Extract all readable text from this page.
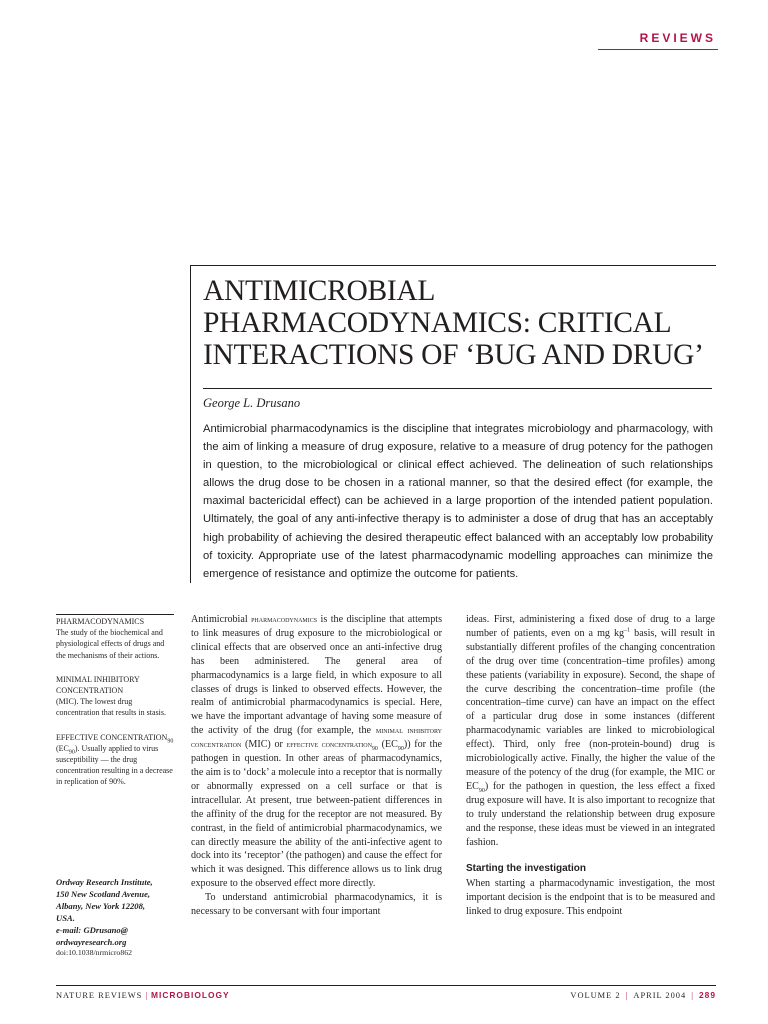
REVIEWS
ANTIMICROBIAL
PHARMACODYNAMICS: CRITICAL
INTERACTIONS OF ‘BUG AND DRUG’
George L. Drusano

Antimicrobial pharmacodynamics is the discipline that integrates microbiology and pharmacology, with the aim of linking a measure of drug exposure, relative to a measure of drug potency for the pathogen in question, to the microbiological or clinical effect achieved. The delineation of such relationships allows the drug dose to be chosen in a rational manner, so that the desired effect (for example, the maximal bactericidal effect) can be achieved in a large proportion of the intended patient population. Ultimately, the goal of any anti-infective therapy is to administer a dose of drug that has an acceptably high probability of achieving the desired therapeutic effect balanced with an acceptably low probability of toxicity. Appropriate use of the latest pharmacodynamic modelling approaches can minimize the emergence of resistance and optimize the outcome for patients.

PHARMACODYNAMICS
The study of the biochemical and physiological effects of drugs and the mechanisms of their actions.
MINIMAL INHIBITORY CONCENTRATION
(MIC). The lowest drug concentration that results in stasis.
EFFECTIVE $CONCENTRATION_{90}$
$(EC_{90})$. Usually applied to virus susceptibility — the drug concentration resulting in a decrease in replication of 90%.
Ordway Research Institute,
150 New Scotland Avenue,
Albany, New York 12208,
USA.
e-mail: GDrusano@
ordwayresearch.org
doi:10.1038/nrmicro862

Antimicrobial pharmacodynamics is the discipline that attempts to link measures of drug exposure to the microbiological or clinical effects that are observed once an anti-infective drug has been administered. The general area of pharmacodynamics is a large field, in which exposure to all classes of drugs is linked to observed effects. However, the realm of antimicrobial pharmacodynamics is special. Here, we have the important advantage of having some measure of the activity of the drug (for example, the minimal inhibitory concentration (MIC) or effective concentration$_{90}$ $(EC_{90})$) for the pathogen in question. In other areas of pharmacodynamics, the aim is to ‘dock’ a molecule into a receptor that is normally or abnormally expressed on a cell surface or that is intracellular. At present, true between-patient differences in the affinity of the drug for the receptor are not measured. By contrast, in the field of antimicrobial pharmacodynamics, we can directly measure the ability of the anti-infective agent to dock into its ‘receptor’ (the pathogen) and cause the effect for which it was designed. This difference allows us to link drug exposure to the observed effect more directly.

To understand antimicrobial pharmacodynamics, it is necessary to be conversant with four important

ideas. First, administering a fixed dose of drug to a large number of patients, even on a mg $kg^{-1}$ basis, will result in substantially different profiles of the changing concentration of the drug over time (concentration–time profiles) among these patients (variability in exposure). Second, the shape of the curve describing the concentration–time profile (the concentration–time curve) can have an impact on the effect of a particular drug dose in some instances (different pharmacodynamic variables are linked to microbiological effect). Third, only free (non-protein-bound) drug is microbiologically active. Finally, the higher the value of the measure of the potency of the drug (for example, the MIC or $EC_{90}$) for the pathogen in question, the less effect a fixed drug exposure will have. It is also important to recognize that to truly understand the relationship between drug exposure and the response, these ideas must be viewed in an integrated fashion.

Starting the investigation

When starting a pharmacodynamic investigation, the most important decision is the endpoint that is to be measured and linked to drug exposure. This endpoint

NATURE REVIEWS | MICROBIOLOGY	VOLUME 2 | APRIL 2004 | 289
